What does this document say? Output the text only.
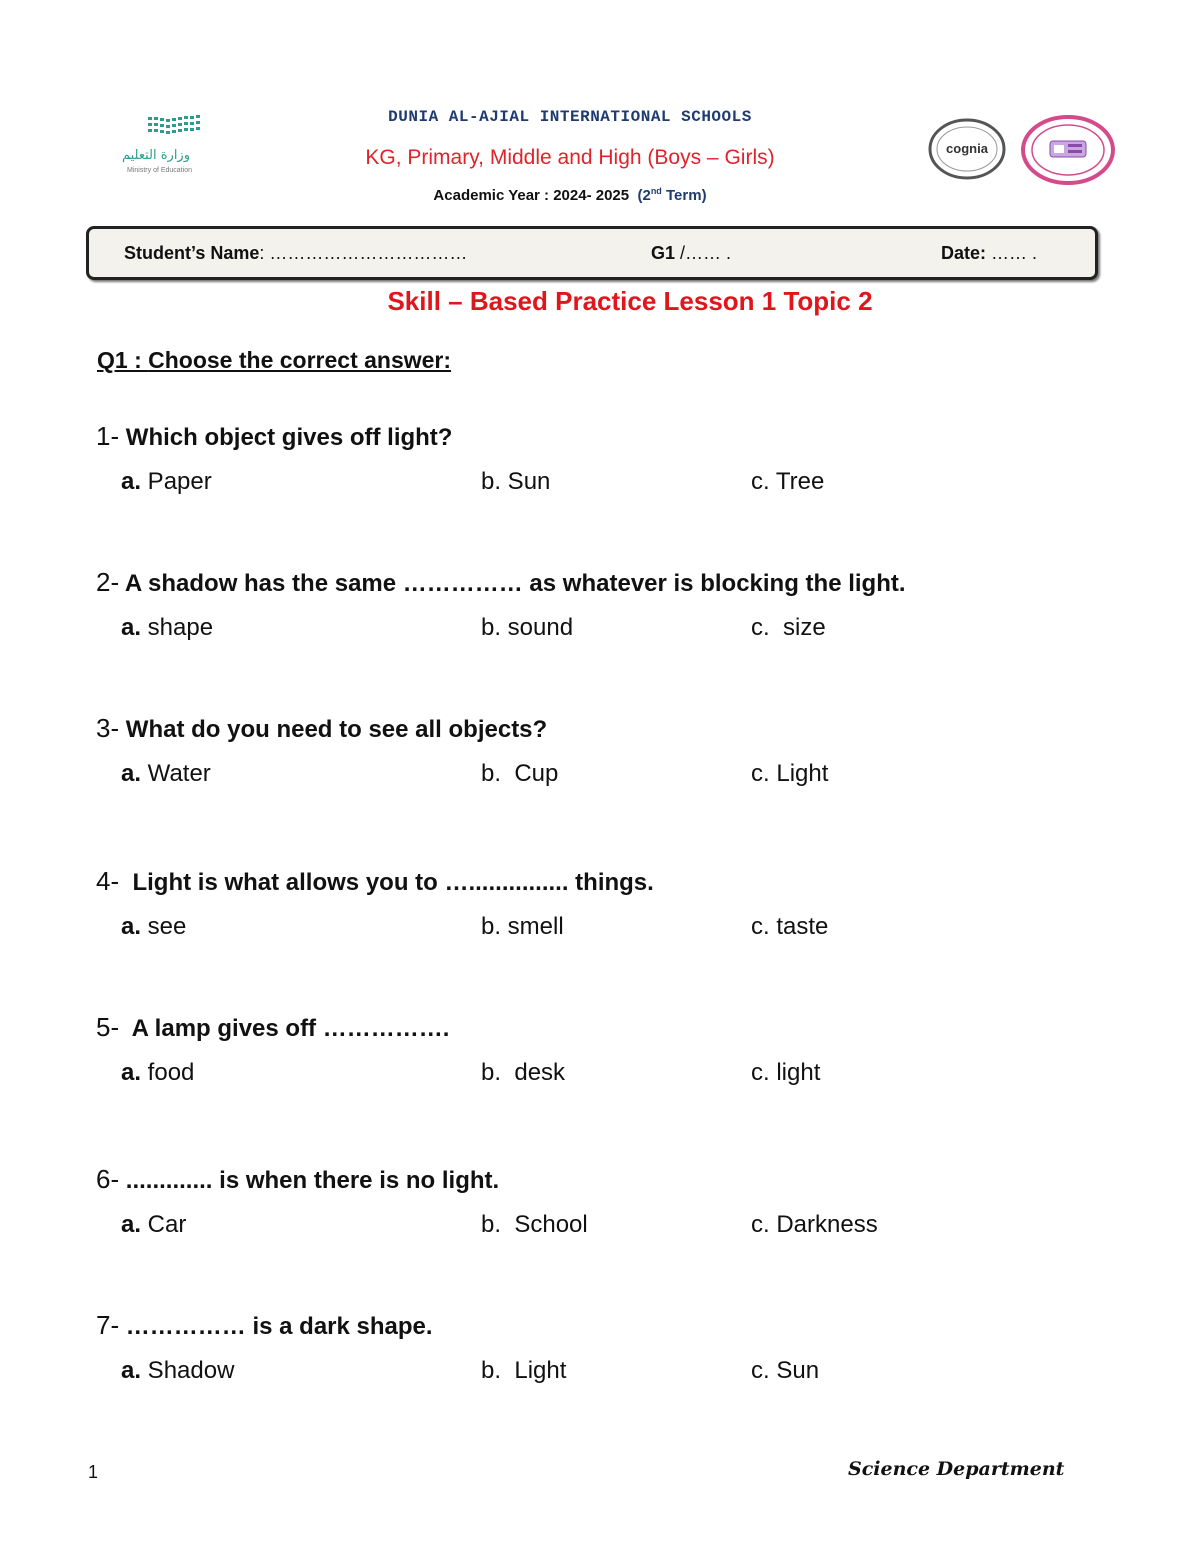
وزارة التعليم
Ministry of Education
DUNIA AL-AJIAL INTERNATIONAL SCHOOLS
KG, Primary, Middle and High (Boys – Girls)
Academic Year : 2024- 2025 (2nd Term)
cognia
Student’s Name: ……………………………	G1 /…… .	Date: …… .
Skill – Based Practice Lesson 1 Topic 2
Q1 : Choose the correct answer:
1- Which object gives off light?
a. Paper	b. Sun	c. Tree
2- A shadow has the same …………… as whatever is blocking the light.
a. shape	b. sound	c.  size
3- What do you need to see all objects?
a. Water	b.  Cup	c. Light
4-  Light is what allows you to …............... things.
a. see	b. smell	c. taste
5-  A lamp gives off …………….
a. food	b.  desk	c. light
6- ............. is when there is no light.
a. Car	b.  School	c. Darkness
7- …………… is a dark shape.
a. Shadow	b.  Light	c. Sun
1	Science Department
